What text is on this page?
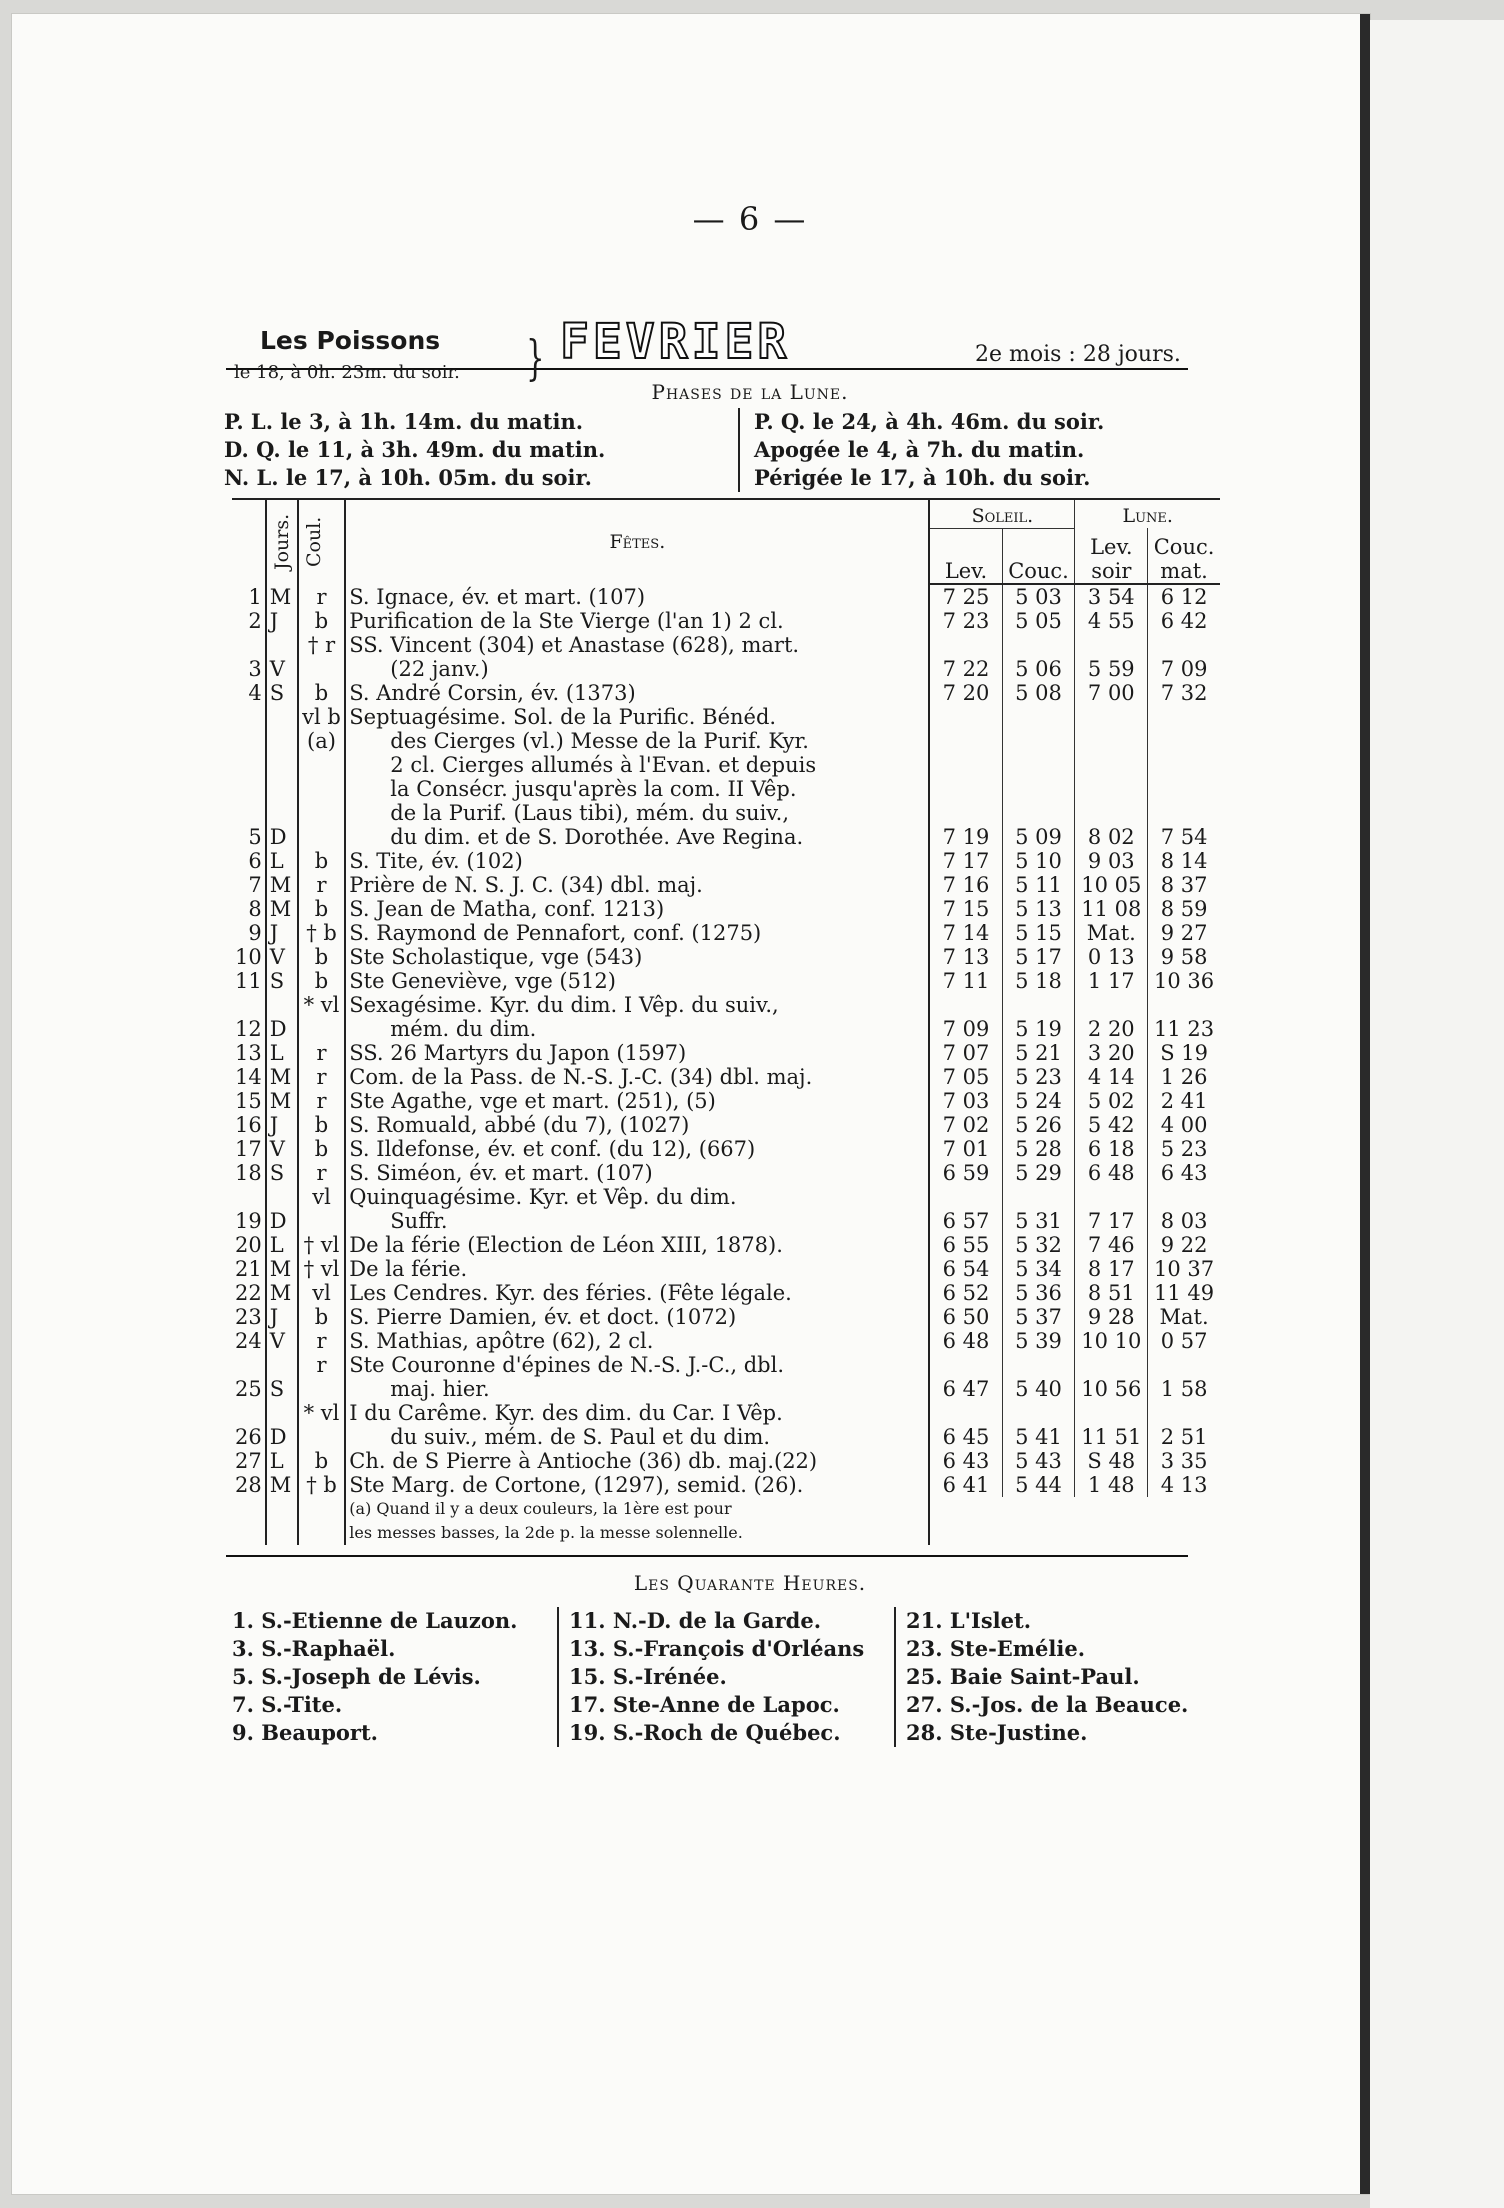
— 6 —
Les Poissons
le 18, à 0h. 23m. du soir. } FEVRIER	2e mois : 28 jours.
Phases de la Lune.
P. L. le 3, à 1h. 14m. du matin.
D. Q. le 11, à 3h. 49m. du matin.
N. L. le 17, à 10h. 05m. du soir.
P. Q. le 24, à 4h. 46m. du soir.
Apogée le 4, à 7h. du matin.
Périgée le 17, à 10h. du soir.

	Jours.	Coul.	Fêtes.	Soleil.		Lune.	
				Lev.	Couc.	Lev. soir	Couc. mat.
1	M	r	S. Ignace, év. et mart. (107)	7 25	5 03	3 54	6 12
2	J	b	Purification de la Ste Vierge (l'an 1) 2 cl.	7 23	5 05	4 55	6 42
		† r	SS. Vincent (304) et Anastase (628), mart.				
3	V		(22 janv.)	7 22	5 06	5 59	7 09
4	S	b	S. André Corsin, év. (1373)	7 20	5 08	7 00	7 32
		vl b	Septuagésime. Sol. de la Purific. Bénéd.				
		(a)	des Cierges (vl.) Messe de la Purif. Kyr.				
			2 cl. Cierges allumés à l'Evan. et depuis				
			la Consécr. jusqu'après la com. II Vêp.				
			de la Purif. (Laus tibi), mém. du suiv.,				
5	D		du dim. et de S. Dorothée. Ave Regina.	7 19	5 09	8 02	7 54
6	L	b	S. Tite, év. (102)	7 17	5 10	9 03	8 14
7	M	r	Prière de N. S. J. C. (34) dbl. maj.	7 16	5 11	10 05	8 37
8	M	b	S. Jean de Matha, conf. 1213)	7 15	5 13	11 08	8 59
9	J	† b	S. Raymond de Pennafort, conf. (1275)	7 14	5 15	Mat.	9 27
10	V	b	Ste Scholastique, vge (543)	7 13	5 17	0 13	9 58
11	S	b	Ste Geneviève, vge (512)	7 11	5 18	1 17	10 36
		* vl	Sexagésime. Kyr. du dim. I Vêp. du suiv.,				
12	D		mém. du dim.	7 09	5 19	2 20	11 23
13	L	r	SS. 26 Martyrs du Japon (1597)	7 07	5 21	3 20	S 19
14	M	r	Com. de la Pass. de N.-S. J.-C. (34) dbl. maj.	7 05	5 23	4 14	1 26
15	M	r	Ste Agathe, vge et mart. (251), (5)	7 03	5 24	5 02	2 41
16	J	b	S. Romuald, abbé (du 7), (1027)	7 02	5 26	5 42	4 00
17	V	b	S. Ildefonse, év. et conf. (du 12), (667)	7 01	5 28	6 18	5 23
18	S	r	S. Siméon, év. et mart. (107)	6 59	5 29	6 48	6 43
		vl	Quinquagésime. Kyr. et Vêp. du dim.				
19	D		Suffr.	6 57	5 31	7 17	8 03
20	L	† vl	De la férie (Election de Léon XIII, 1878).	6 55	5 32	7 46	9 22
21	M	† vl	De la férie.	6 54	5 34	8 17	10 37
22	M	vl	Les Cendres. Kyr. des féries. (Fête légale.	6 52	5 36	8 51	11 49
23	J	b	S. Pierre Damien, év. et doct. (1072)	6 50	5 37	9 28	Mat.
24	V	r	S. Mathias, apôtre (62), 2 cl.	6 48	5 39	10 10	0 57
		r	Ste Couronne d'épines de N.-S. J.-C., dbl.				
25	S		maj. hier.	6 47	5 40	10 56	1 58
		* vl	I du Carême. Kyr. des dim. du Car. I Vêp.				
26	D		du suiv., mém. de S. Paul et du dim.	6 45	5 41	11 51	2 51
27	L	b	Ch. de S Pierre à Antioche (36) db. maj.(22)	6 43	5 43	S 48	3 35
28	M	† b	Ste Marg. de Cortone, (1297), semid. (26).	6 41	5 44	1 48	4 13

			(a) Quand il y a deux couleurs, la 1ère est pour
les messes basses, la 2de p. la messe solennelle.				

Les Quarante Heures.
1. S.-Etienne de Lauzon.
3. S.-Raphaël.
5. S.-Joseph de Lévis.
7. S.-Tite.
9. Beauport.
11. N.-D. de la Garde.
13. S.-François d'Orléans
15. S.-Irénée.
17. Ste-Anne de Lapoc.
19. S.-Roch de Québec.
21. L'Islet.
23. Ste-Emélie.
25. Baie Saint-Paul.
27. S.-Jos. de la Beauce.
28. Ste-Justine.
